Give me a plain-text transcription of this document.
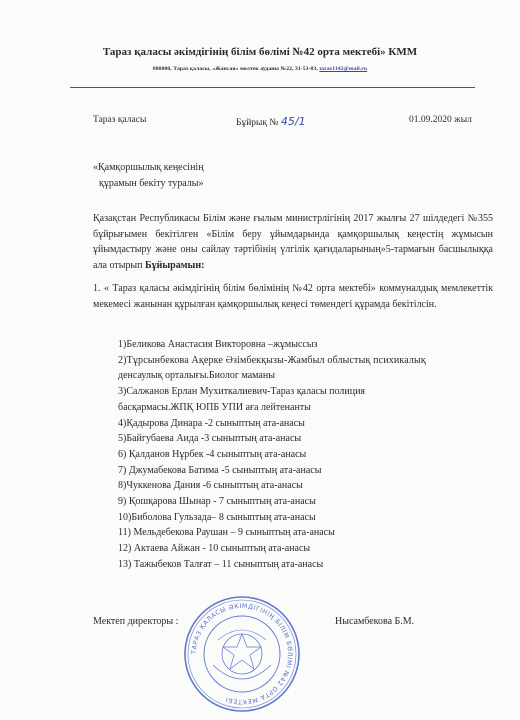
Тараз қаласы әкімдігінің білім бөлімі №42 орта мектебі» КММ
080000, Тараз қаласы, «Жансая» мөлтек ауданы №22, 31-53-83, taraz1142@mail.ru
Тараз қаласы	Бұйрық № 45/1	01.09.2020 жыл
«Қамқоршылық кеңесінің
құрамын бекіту туралы»
Қазақстан Республикасы Білім және ғылым министрлігінің 2017 жылғы 27 шілдедегі №355 бұйрығымен бекітілген «Білім беру ұйымдарында қамқоршылық кеңестің жұмысын ұйымдастыру және оны сайлау тәртібінің үлгілік қағидаларының»5-тармағын басшылыққа ала отырып Бұйырамын:
1. « Тараз қаласы әкімдігінің білім бөлімінің №42 орта мектебі» коммуналдық мемлекеттік мекемесі жанынан құрылған қамқоршылық кеңесі төмендегі құрамда бекітілсін.
1)Беликова Анастасия Викторовна –жұмыссыз
2)Тұрсынбекова Ақерке Әзімбекқызы-Жамбыл облыстық психикалық
денсаулық орталығы.Биолог маманы
3)Салжанов Ерлан Мухиткалиевич-Тараз қаласы полиция
басқармасы.ЖПҚ ЮПБ УПИ аға лейтенанты
4)Қадырова Динара -2 сыныптың ата-анасы
5)Байгубаева Аида -3 сыныптың ата-анасы
6) Қалданов Нұрбек -4 сыныптың ата-анасы
7) Джумабекова Батима -5 сыныптың ата-анасы
8)Чуккенова Дания -6 сыныптың ата-анасы
9) Қошқарова Шынар - 7 сыныптың ата-анасы
10)Биболова Гульзада– 8 сыныптың ата-анасы
11) Мельдебекова Раушан – 9 сыныптың ата-анасы
12) Актаева Айжан - 10 сыныптың ата-анасы
13) Тажыбеков Талғат – 11 сыныптың ата-анасы
Мектеп директоры :	Нысамбекова Б.М.
ТАРАЗ ҚАЛАСЫ ӘКІМДІГІНІҢ БІЛІМ БӨЛІМІ №42 ОРТА МЕКТЕБІ
